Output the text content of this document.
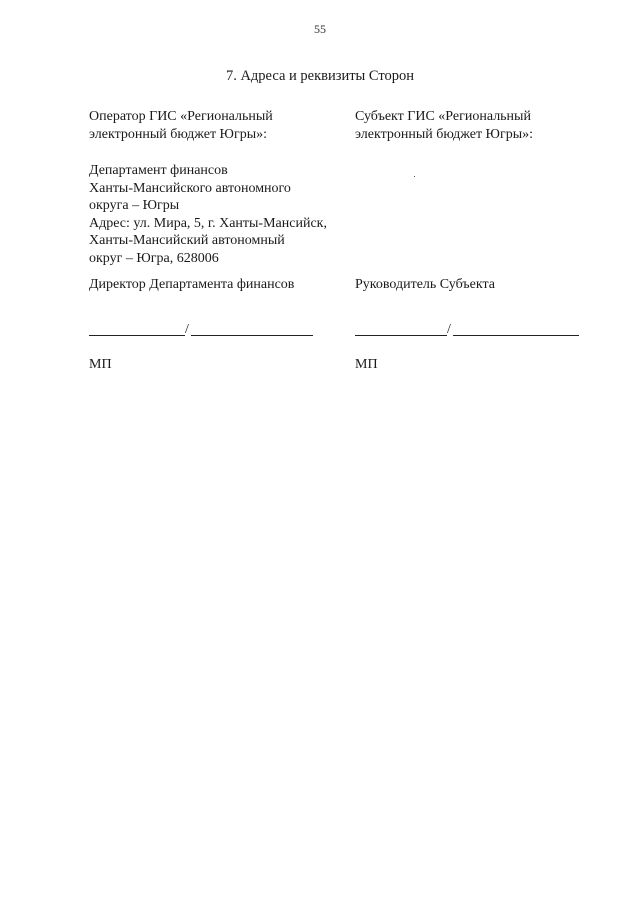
55
7. Адреса и реквизиты Сторон
Оператор ГИС «Региональный
электронный бюджет Югры»:
Департамент финансов
Ханты-Мансийского автономного
округа – Югры
Адрес: ул. Мира, 5, г. Ханты-Мансийск,
Ханты-Мансийский автономный
округ – Югра, 628006
Директор Департамента финансов
/
МП
Субъект ГИС «Региональный
электронный бюджет Югры»:
Руководитель Субъекта
/
МП
